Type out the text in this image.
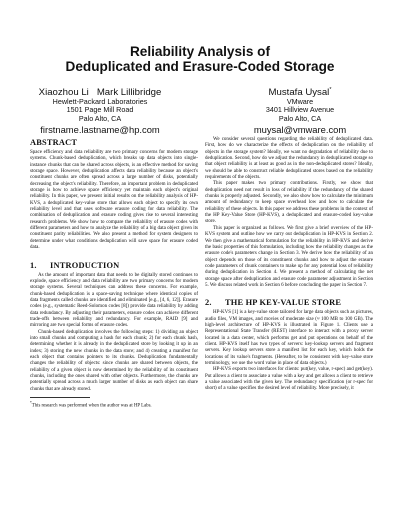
Reliability Analysis of
Deduplicated and Erasure-Coded Storage
Xiaozhou Li Mark Lillibridge
Hewlett-Packard Laboratories
1501 Page Mill Road
Palo Alto, CA
firstname.lastname@hp.com
Mustafa Uysal*
VMware
3401 Hillview Avenue
Palo Alto, CA
muysal@vmware.com
ABSTRACT

Space efficiency and data reliability are two primary concerns for modern storage systems. Chunk-based deduplication, which breaks up data objects into single-instance chunks that can be shared across objects, is an effective method for saving storage space. However, deduplication affects data reliability because an object's constituent chunks are often spread across a large number of disks, potentially decreasing the object's reliability. Therefore, an important problem in deduplicated storage is how to achieve space efficiency yet maintain each object's original reliability. In this paper, we present initial results on the reliability analysis of HP-KVS, a deduplicated key-value store that allows each object to specify its own reliability level and that uses software erasure coding for data reliability. The combination of deduplication and erasure coding gives rise to several interesting research problems. We show how to compare the reliability of erasure codes with different parameters and how to analyze the reliability of a big data object given its constituent parity reliabilities. We also present a method for system designers to determine under what conditions deduplication will save space for erasure coded data.

1. INTRODUCTION

As the amount of important data that needs to be digitally stored continues to explode, space efficiency and data reliability are two primary concerns for modern storage systems. Several techniques can address these concerns. For example, chunk-based deduplication is a space-saving technique where identical copies of data fragments called chunks are identified and eliminated [e.g., [4, 6, 12]]. Erasure codes (e.g., systematic Reed-Solomon codes [8]) provide data reliability by adding data redundancy. By adjusting their parameters, erasure codes can achieve different trade-offs between reliability and redundancy. For example, RAID [9] and mirroring are two special forms of erasure codes.

Chunk-based deduplication involves the following steps: 1) dividing an object into small chunks and computing a hash for each chunk; 2) for each chunk hash, determining whether it is already in the deduplicated store by looking it up in an index; 3) storing the new chunks in the data store; and 4) creating a manifest for each object that contains pointers to its chunks. Deduplication fundamentally changes the reliability of objects: since chunks are shared between objects, the reliability of a given object is now determined by the reliability of its constituent chunks, including the ones shared with other objects. Furthermore, the chunks are potentially spread across a much larger number of disks as each object can share chunks that are already stored.

*This research was performed when the author was at HP Labs.

We consider several questions regarding the reliability of deduplicated data. First, how do we characterize the effects of deduplication on the reliability of objects in the storage system? Ideally, we want no degradation of reliability due to deduplication. Second, how do we adjust the redundancy in deduplicated storage so that object reliability is at least as good as in the non-deduplicated stores? Ideally, we should be able to construct reliable deduplicated stores based on the reliability requirements of the objects.

This paper makes two primary contributions. Firstly, we show that deduplication need not result in loss of reliability if the redundancy of the shared chunks is properly adjusted. Secondly, we also show how to calculate the minimum amount of redundancy to keep space overhead low and how to calculate the reliability of these objects. In this paper we address these problems in the context of the HP Key-Value Store (HP-KVS), a deduplicated and erasure-coded key-value store.

This paper is organized as follows. We first give a brief overview of the HP-KVS system and outline how we carry out deduplication in HP-KVS in Section 2. We then give a mathematical formulation for the reliability in HP-KVS and derive the basic properties of this formulation, including how the reliability changes as the erasure code's parameters change in Section 3. We derive how the reliability of an object depends on those of its constituent chunks and how to adjust the erasure code parameters of chunk containers to make up for any potential loss of reliability during deduplication in Section 4. We present a method of calculating the net storage space after deduplication and erasure code parameter adjustment in Section 5. We discuss related work in Section 6 before concluding the paper in Section 7.

2. THE HP KEY-VALUE STORE

HP-KVS [1] is a key-value store tailored for large data objects such as pictures, audio files, VM images, and movies of moderate size (≈ 100 MB to 100 GB). The high-level architecture of HP-KVS is illustrated in Figure 1. Clients use a Representational State Transfer (REST) interface to interact with a proxy server located in a data center, which performs get and put operations on behalf of the client. HP-KVS itself has two types of servers: key-lookup servers and fragment servers. Key lookup servers store a manifest list for each key, which holds the locations of its value's fragments. (Hereafter, to be consistent with key-value store terminology, we use the word value in place of data objects.)

HP-KVS exports two interfaces for clients: put(key, value, r-spec) and get(key). Put allows a client to associate a value with a key and get allows a client to retrieve a value associated with the given key. The redundancy specification (or r-spec for short) of a value specifies the desired level of reliability. More precisely, it
